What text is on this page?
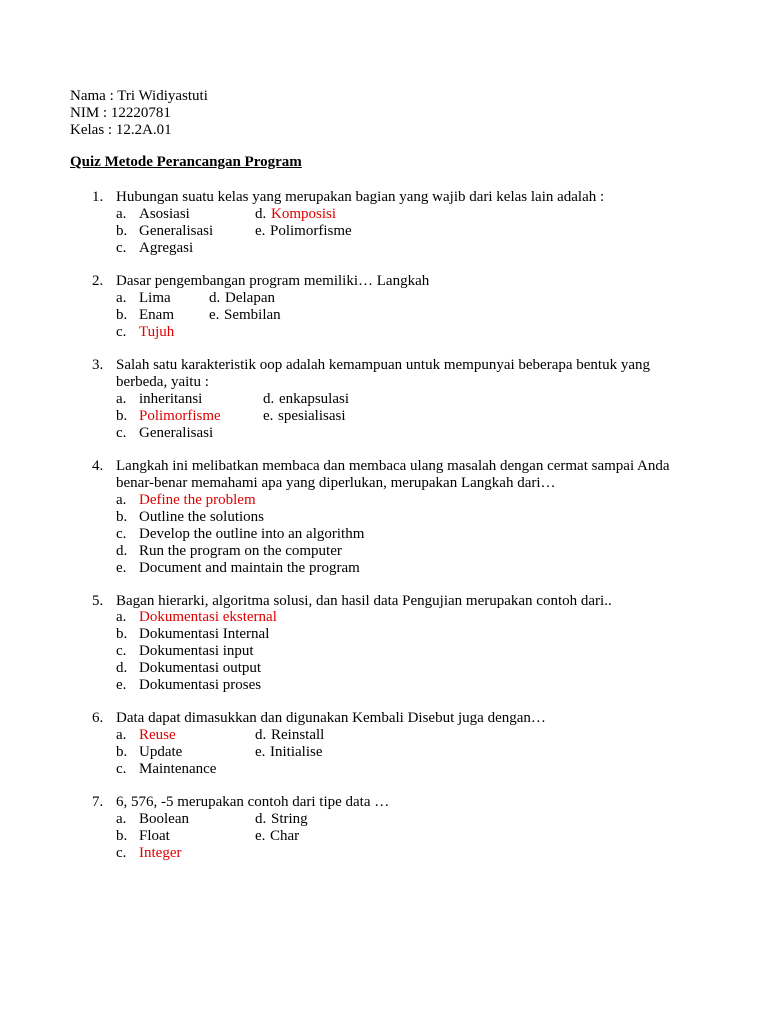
Nama : Tri Widiyastuti
NIM : 12220781
Kelas : 12.2A.01
Quiz Metode Perancangan Program
1. Hubungan suatu kelas yang merupakan bagian yang wajib dari kelas lain adalah :
a. Asosiasi
b. Generalisasi
c. Agregasi
d. Komposisi
e. Polimorfisme
2. Dasar pengembangan program memiliki… Langkah
a. Lima
b. Enam
c. Tujuh
d. Delapan
e. Sembilan
3. Salah satu karakteristik oop adalah kemampuan untuk mempunyai beberapa bentuk yang
berbeda, yaitu :
a. inheritansi
b. Polimorfisme
c. Generalisasi
d. enkapsulasi
e. spesialisasi
4. Langkah ini melibatkan membaca dan membaca ulang masalah dengan cermat sampai Anda
benar-benar memahami apa yang diperlukan, merupakan Langkah dari…
a. Define the problem
b. Outline the solutions
c. Develop the outline into an algorithm
d. Run the program on the computer
e. Document and maintain the program
5. Bagan hierarki, algoritma solusi, dan hasil data Pengujian merupakan contoh dari..
a. Dokumentasi eksternal
b. Dokumentasi Internal
c. Dokumentasi input
d. Dokumentasi output
e. Dokumentasi proses
6. Data dapat dimasukkan dan digunakan Kembali Disebut juga dengan…
a. Reuse
b. Update
c. Maintenance
d. Reinstall
e. Initialise
7. 6, 576, -5 merupakan contoh dari tipe data …
a. Boolean
b. Float
c. Integer
d. String
e. Char
